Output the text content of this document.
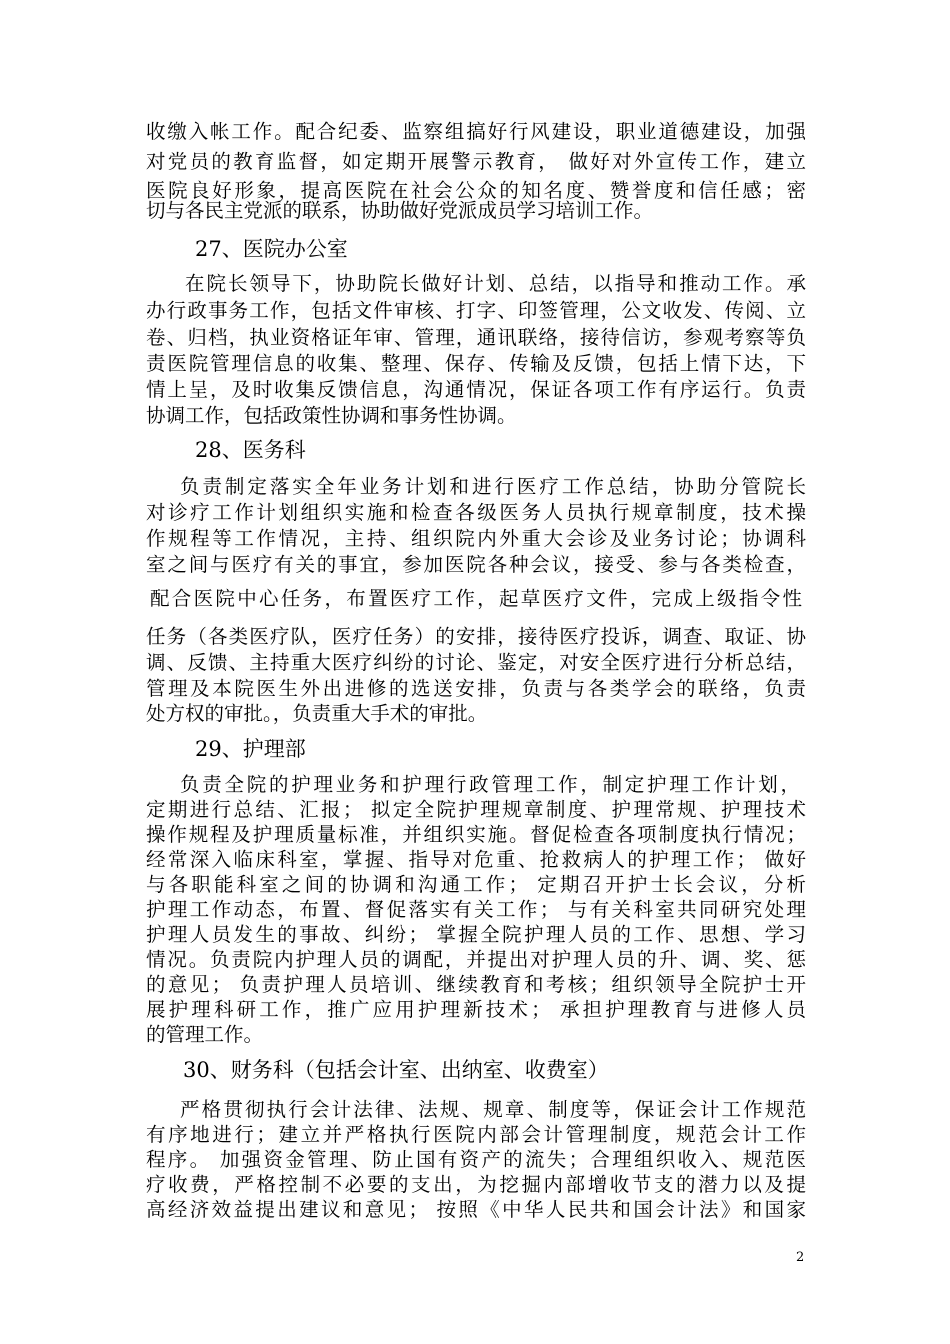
收缴入帐工作。配合纪委、监察组搞好行风建设，职业道德建设，加强
对党员的教育监督，如定期开展警示教育， 做好对外宣传工作，建立
医院良好形象，提高医院在社会公众的知名度、赞誉度和信任感；密
切与各民主党派的联系，协助做好党派成员学习培训工作。
27、医院办公室
在院长领导下，协助院长做好计划、总结，以指导和推动工作。承
办行政事务工作，包括文件审核、打字、印签管理，公文收发、传阅、立
卷、归档，执业资格证年审、管理，通讯联络，接待信访，参观考察等负
责医院管理信息的收集、整理、保存、传输及反馈，包括上情下达，下
情上呈，及时收集反馈信息，沟通情况，保证各项工作有序运行。负责
协调工作，包括政策性协调和事务性协调。
28、医务科
负责制定落实全年业务计划和进行医疗工作总结，协助分管院长
对诊疗工作计划组织实施和检查各级医务人员执行规章制度，技术操
作规程等工作情况，主持、组织院内外重大会诊及业务讨论；协调科
室之间与医疗有关的事宜，参加医院各种会议，接受、参与各类检查，
配合医院中心任务，布置医疗工作，起草医疗文件，完成上级指令性
任务（各类医疗队，医疗任务）的安排，接待医疗投诉，调查、取证、协
调、反馈、主持重大医疗纠纷的讨论、鉴定，对安全医疗进行分析总结，
管理及本院医生外出进修的选送安排，负责与各类学会的联络，负责
处方权的审批。，负责重大手术的审批。
29、护理部
负责全院的护理业务和护理行政管理工作，制定护理工作计划，
定期进行总结、汇报； 拟定全院护理规章制度、护理常规、护理技术
操作规程及护理质量标准，并组织实施。督促检查各项制度执行情况；
经常深入临床科室，掌握、指导对危重、抢救病人的护理工作； 做好
与各职能科室之间的协调和沟通工作； 定期召开护士长会议，分析
护理工作动态，布置、督促落实有关工作； 与有关科室共同研究处理
护理人员发生的事故、纠纷； 掌握全院护理人员的工作、思想、学习
情况。负责院内护理人员的调配，并提出对护理人员的升、调、奖、惩
的意见； 负责护理人员培训、继续教育和考核；组织领导全院护士开
展护理科研工作，推广应用护理新技术； 承担护理教育与进修人员
的管理工作。
30、财务科（包括会计室、出纳室、收费室）
严格贯彻执行会计法律、法规、规章、制度等，保证会计工作规范
有序地进行；建立并严格执行医院内部会计管理制度，规范会计工作
程序。 加强资金管理、防止国有资产的流失；合理组织收入、规范医
疗收费，严格控制不必要的支出，为挖掘内部增收节支的潜力以及提
高经济效益提出建议和意见； 按照《中华人民共和国会计法》和国家
2
